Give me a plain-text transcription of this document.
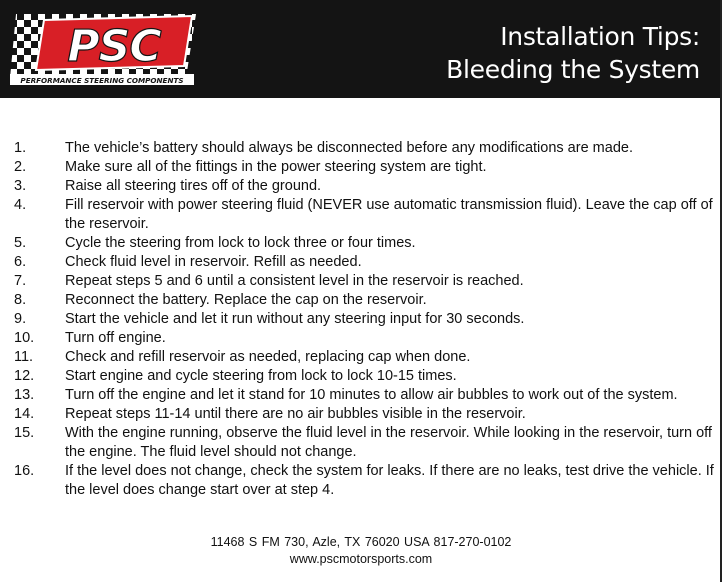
PSC
PERFORMANCE STEERING COMPONENTS
Installation Tips:
Bleeding the System
1.	The vehicle’s battery should always be disconnected before any modifications are made.
2.	Make sure all of the fittings in the power steering system are tight.
3.	Raise all steering tires off of the ground.
4.	Fill reservoir with power steering fluid (NEVER use automatic transmission fluid). Leave the cap off of the reservoir.
5.	Cycle the steering from lock to lock three or four times.
6.	Check fluid level in reservoir. Refill as needed.
7.	Repeat steps 5 and 6 until a consistent level in the reservoir is reached.
8.	Reconnect the battery. Replace the cap on the reservoir.
9.	Start the vehicle and let it run without any steering input for 30 seconds.
10.	Turn off engine.
11.	Check and refill reservoir as needed, replacing cap when done.
12.	Start engine and cycle steering from lock to lock 10-15 times.
13.	Turn off the engine and let it stand for 10 minutes to allow air bubbles to work out of the system.
14.	Repeat steps 11-14 until there are no air bubbles visible in the reservoir.
15.	With the engine running, observe the fluid level in the reservoir. While looking in the reservoir, turn off the engine. The fluid level should not change.
16.	If the level does not change, check the system for leaks. If there are no leaks, test drive the vehicle. If the level does change start over at step 4.
11468 S FM 730, Azle, TX 76020 USA 817-270-0102
www.pscmotorsports.com
